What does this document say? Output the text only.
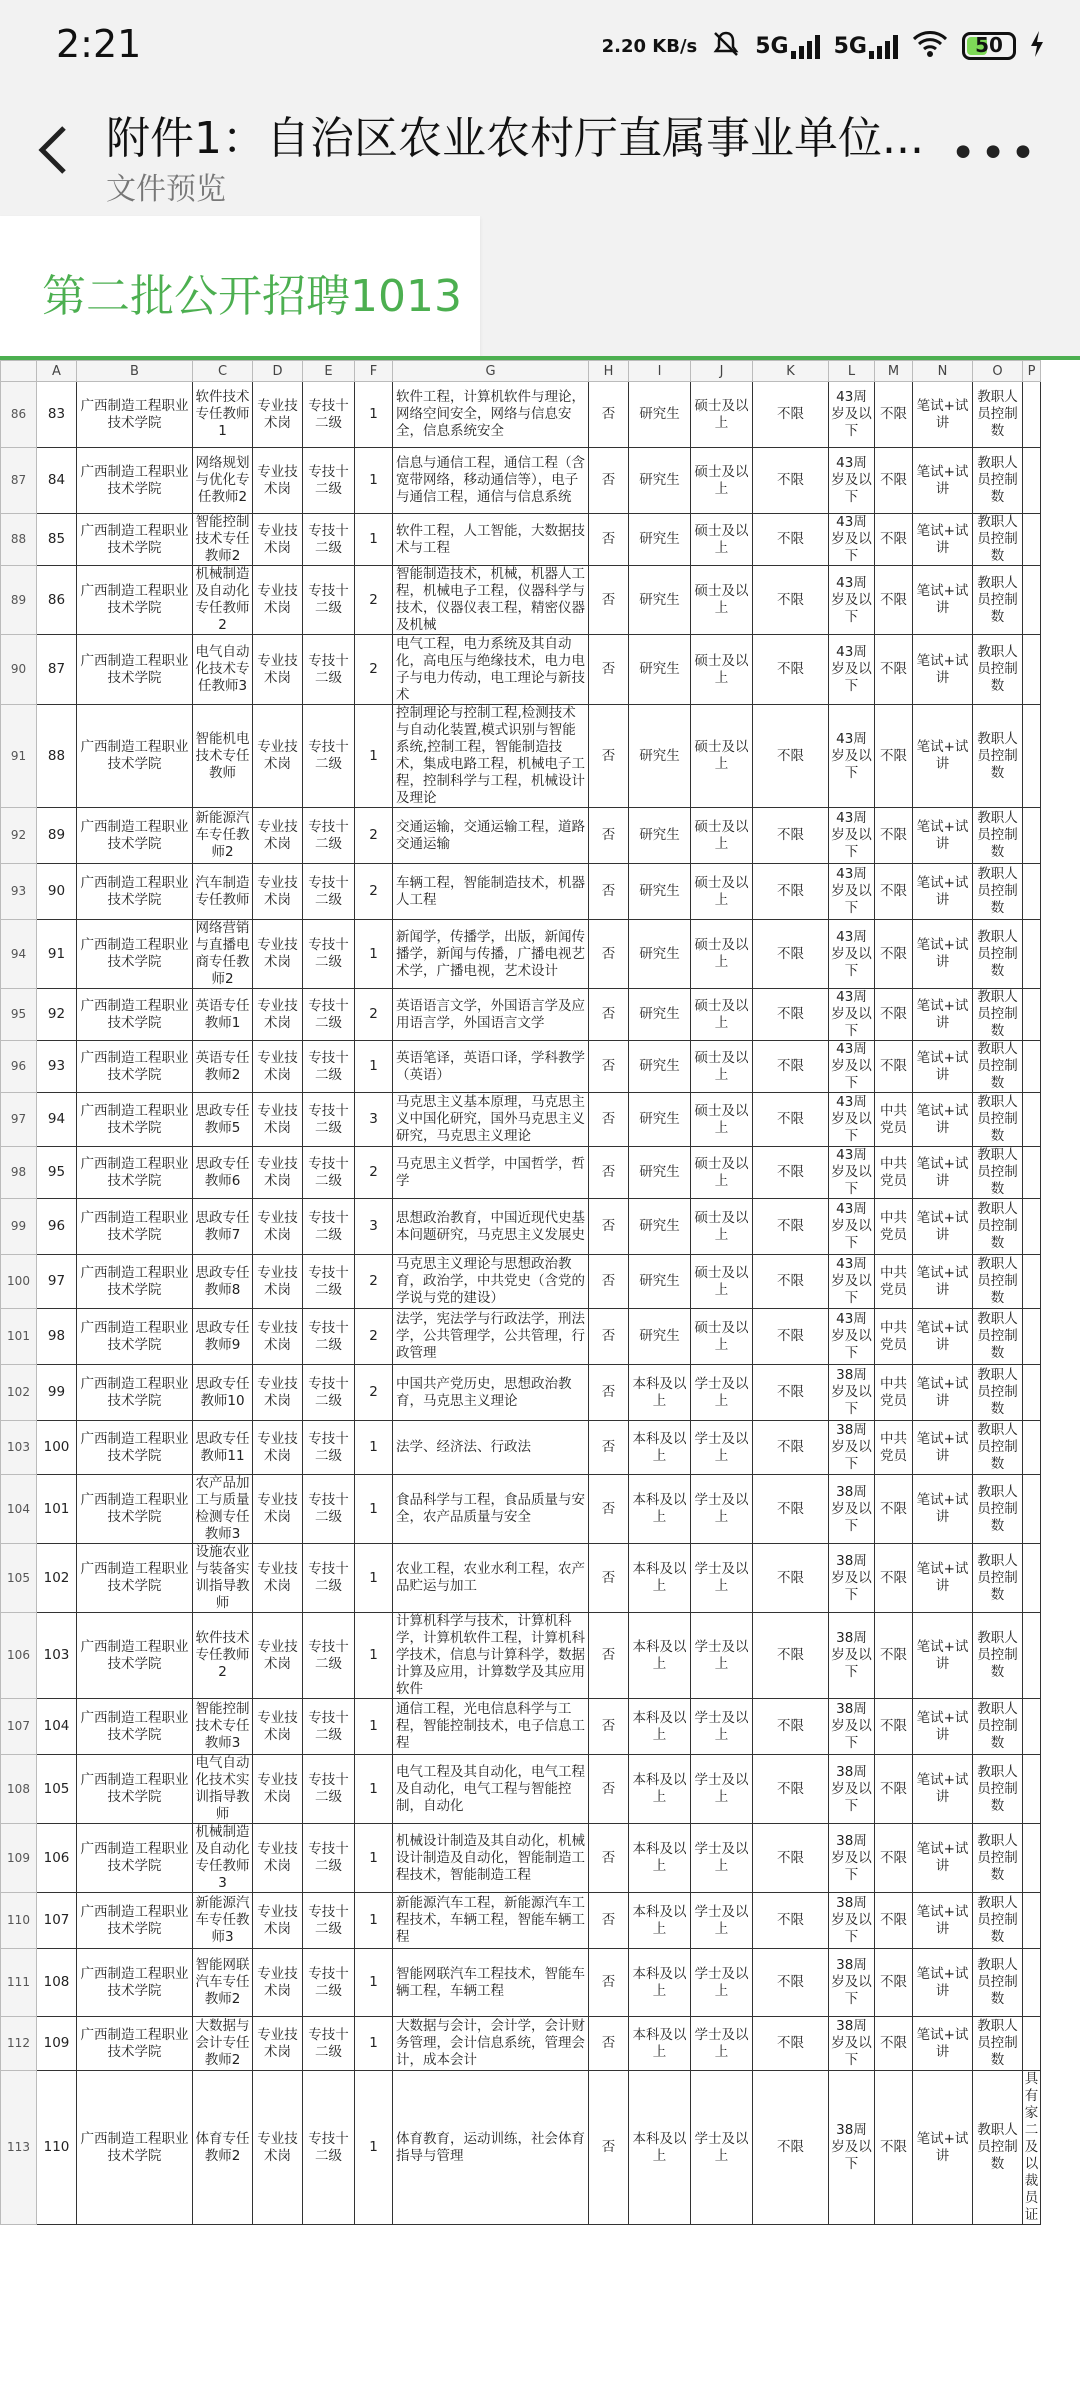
2:21	2.20 KB/s	5G 5G	50
附件1：自治区农业农村厅直属事业单位...
文件预览
•••
第二批公开招聘1013
	A	B	C	D	E	F	G	H	I	J	K	L	M	N	O	P
86	83	广西制造工程职业技术学院	软件技术专任教师1	专业技术岗	专技十二级	1	软件工程，计算机软件与理论，网络空间安全，网络与信息安全，信息系统安全	否	研究生	硕士及以上	不限	43周岁及以下	不限	笔试+试讲	教职人员控制数	
87	84	广西制造工程职业技术学院	网络规划与优化专任教师2	专业技术岗	专技十二级	1	信息与通信工程，通信工程（含宽带网络，移动通信等），电子与通信工程，通信与信息系统	否	研究生	硕士及以上	不限	43周岁及以下	不限	笔试+试讲	教职人员控制数	
88	85	广西制造工程职业技术学院	智能控制技术专任教师2	专业技术岗	专技十二级	1	软件工程，人工智能，大数据技术与工程	否	研究生	硕士及以上	不限	43周岁及以下	不限	笔试+试讲	教职人员控制数	
89	86	广西制造工程职业技术学院	机械制造及自动化专任教师2	专业技术岗	专技十二级	2	智能制造技术，机械，机器人工程，机械电子工程，仪器科学与技术，仪器仪表工程，精密仪器及机械	否	研究生	硕士及以上	不限	43周岁及以下	不限	笔试+试讲	教职人员控制数	
90	87	广西制造工程职业技术学院	电气自动化技术专任教师3	专业技术岗	专技十二级	2	电气工程，电力系统及其自动化，高电压与绝缘技术，电力电子与电力传动，电工理论与新技术	否	研究生	硕士及以上	不限	43周岁及以下	不限	笔试+试讲	教职人员控制数	
91	88	广西制造工程职业技术学院	智能机电技术专任教师	专业技术岗	专技十二级	1	控制理论与控制工程,检测技术与自动化装置,模式识别与智能系统,控制工程，智能制造技术，集成电路工程，机械电子工程，控制科学与工程，机械设计及理论	否	研究生	硕士及以上	不限	43周岁及以下	不限	笔试+试讲	教职人员控制数	
92	89	广西制造工程职业技术学院	新能源汽车专任教师2	专业技术岗	专技十二级	2	交通运输，交通运输工程，道路交通运输	否	研究生	硕士及以上	不限	43周岁及以下	不限	笔试+试讲	教职人员控制数	
93	90	广西制造工程职业技术学院	汽车制造专任教师	专业技术岗	专技十二级	2	车辆工程，智能制造技术，机器人工程	否	研究生	硕士及以上	不限	43周岁及以下	不限	笔试+试讲	教职人员控制数	
94	91	广西制造工程职业技术学院	网络营销与直播电商专任教师2	专业技术岗	专技十二级	1	新闻学，传播学，出版，新闻传播学，新闻与传播，广播电视艺术学，广播电视，艺术设计	否	研究生	硕士及以上	不限	43周岁及以下	不限	笔试+试讲	教职人员控制数	
95	92	广西制造工程职业技术学院	英语专任教师1	专业技术岗	专技十二级	2	英语语言文学，外国语言学及应用语言学，外国语言文学	否	研究生	硕士及以上	不限	43周岁及以下	不限	笔试+试讲	教职人员控制数	
96	93	广西制造工程职业技术学院	英语专任教师2	专业技术岗	专技十二级	1	英语笔译，英语口译，学科教学（英语）	否	研究生	硕士及以上	不限	43周岁及以下	不限	笔试+试讲	教职人员控制数	
97	94	广西制造工程职业技术学院	思政专任教师5	专业技术岗	专技十二级	3	马克思主义基本原理，马克思主义中国化研究，国外马克思主义研究，马克思主义理论	否	研究生	硕士及以上	不限	43周岁及以下	中共党员	笔试+试讲	教职人员控制数	
98	95	广西制造工程职业技术学院	思政专任教师6	专业技术岗	专技十二级	2	马克思主义哲学，中国哲学，哲学	否	研究生	硕士及以上	不限	43周岁及以下	中共党员	笔试+试讲	教职人员控制数	
99	96	广西制造工程职业技术学院	思政专任教师7	专业技术岗	专技十二级	3	思想政治教育，中国近现代史基本问题研究，马克思主义发展史	否	研究生	硕士及以上	不限	43周岁及以下	中共党员	笔试+试讲	教职人员控制数	
100	97	广西制造工程职业技术学院	思政专任教师8	专业技术岗	专技十二级	2	马克思主义理论与思想政治教育，政治学，中共党史（含党的学说与党的建设）	否	研究生	硕士及以上	不限	43周岁及以下	中共党员	笔试+试讲	教职人员控制数	
101	98	广西制造工程职业技术学院	思政专任教师9	专业技术岗	专技十二级	2	法学，宪法学与行政法学，刑法学，公共管理学，公共管理，行政管理	否	研究生	硕士及以上	不限	43周岁及以下	中共党员	笔试+试讲	教职人员控制数	
102	99	广西制造工程职业技术学院	思政专任教师10	专业技术岗	专技十二级	2	中国共产党历史，思想政治教育，马克思主义理论	否	本科及以上	学士及以上	不限	38周岁及以下	中共党员	笔试+试讲	教职人员控制数	
103	100	广西制造工程职业技术学院	思政专任教师11	专业技术岗	专技十二级	1	法学、经济法、行政法	否	本科及以上	学士及以上	不限	38周岁及以下	中共党员	笔试+试讲	教职人员控制数	
104	101	广西制造工程职业技术学院	农产品加工与质量检测专任教师3	专业技术岗	专技十二级	1	食品科学与工程，食品质量与安全，农产品质量与安全	否	本科及以上	学士及以上	不限	38周岁及以下	不限	笔试+试讲	教职人员控制数	
105	102	广西制造工程职业技术学院	设施农业与装备实训指导教师	专业技术岗	专技十二级	1	农业工程，农业水利工程，农产品贮运与加工	否	本科及以上	学士及以上	不限	38周岁及以下	不限	笔试+试讲	教职人员控制数	
106	103	广西制造工程职业技术学院	软件技术专任教师2	专业技术岗	专技十二级	1	计算机科学与技术，计算机科学，计算机软件工程，计算机科学技术，信息与计算科学，数据计算及应用，计算数学及其应用软件	否	本科及以上	学士及以上	不限	38周岁及以下	不限	笔试+试讲	教职人员控制数	
107	104	广西制造工程职业技术学院	智能控制技术专任教师3	专业技术岗	专技十二级	1	通信工程，光电信息科学与工程，智能控制技术，电子信息工程	否	本科及以上	学士及以上	不限	38周岁及以下	不限	笔试+试讲	教职人员控制数	
108	105	广西制造工程职业技术学院	电气自动化技术实训指导教师	专业技术岗	专技十二级	1	电气工程及其自动化，电气工程及自动化，电气工程与智能控制，自动化	否	本科及以上	学士及以上	不限	38周岁及以下	不限	笔试+试讲	教职人员控制数	
109	106	广西制造工程职业技术学院	机械制造及自动化专任教师3	专业技术岗	专技十二级	1	机械设计制造及其自动化，机械设计制造及自动化，智能制造工程技术，智能制造工程	否	本科及以上	学士及以上	不限	38周岁及以下	不限	笔试+试讲	教职人员控制数	
110	107	广西制造工程职业技术学院	新能源汽车专任教师3	专业技术岗	专技十二级	1	新能源汽车工程，新能源汽车工程技术，车辆工程，智能车辆工程	否	本科及以上	学士及以上	不限	38周岁及以下	不限	笔试+试讲	教职人员控制数	
111	108	广西制造工程职业技术学院	智能网联汽车专任教师2	专业技术岗	专技十二级	1	智能网联汽车工程技术，智能车辆工程，车辆工程	否	本科及以上	学士及以上	不限	38周岁及以下	不限	笔试+试讲	教职人员控制数	
112	109	广西制造工程职业技术学院	大数据与会计专任教师2	专业技术岗	专技十二级	1	大数据与会计，会计学，会计财务管理，会计信息系统，管理会计，成本会计	否	本科及以上	学士及以上	不限	38周岁及以下	不限	笔试+试讲	教职人员控制数	
113	110	广西制造工程职业技术学院	体育专任教师2	专业技术岗	专技十二级	1	体育教育，运动训练，社会体育指导与管理	否	本科及以上	学士及以上	不限	38周岁及以下	不限	笔试+试讲	教职人员控制数	具有家二及以裁员证
